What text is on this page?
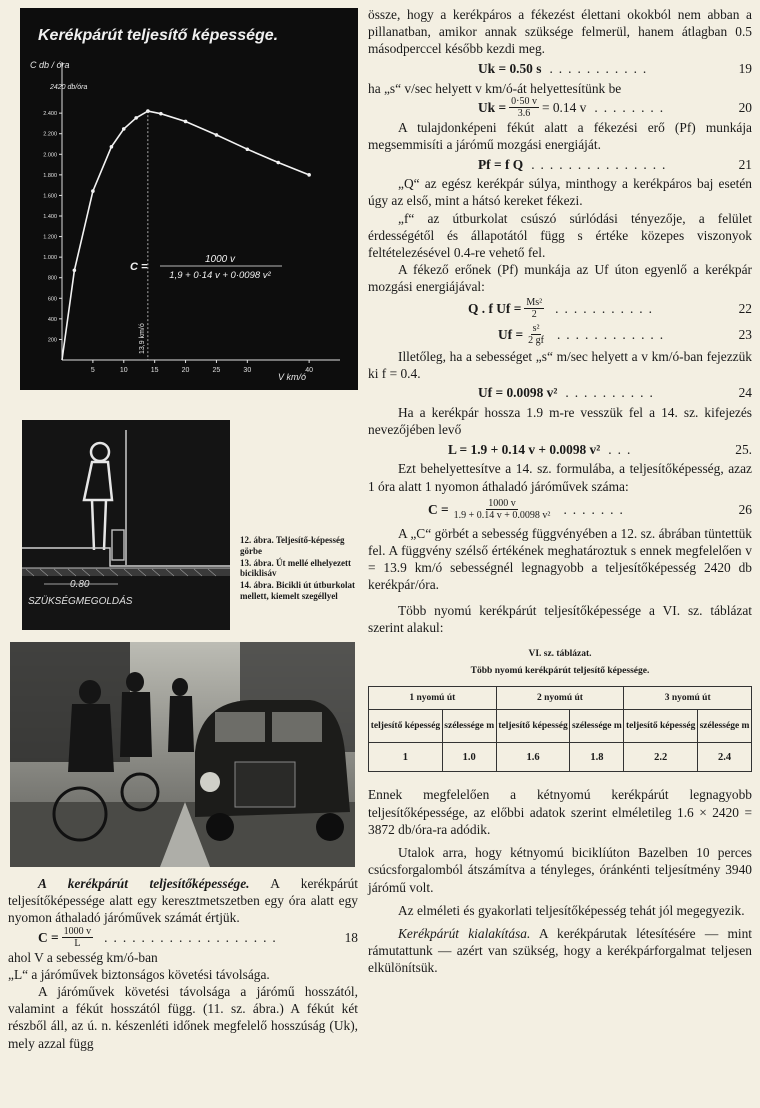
Kerékpárút teljesítő képessége.
C db / óra
V km/ó
2420 db/óra
5	10	15	20	25	30	40
2.400
2.200
2.000
1.800
1.600
1.400
1.200
1.000
800
600
400
200	13,9 km/ó
C =
1000 v
1,9 + 0·14 v + 0·0098 v²
0.80
SZÜKSÉGMEGOLDÁS
12. ábra. Teljesítő-képesség görbe
13. ábra. Út mellé elhelyezett biciklisáv
14. ábra. Bicikli út útburkolat mellett, kiemelt szegéllyel

A kerékpárút teljesítőképessége. A kerékpárút teljesítőképessége alatt egy keresztmetszetben egy óra alatt egy nyomon áthaladó járóművek számát értjük.

$C = \frac{1000 v}{L}$ ...................	18

ahol V a sebesség km/ó-ban

„L“ a járóművek biztonságos követési távolsága.

A járóművek követési távolsága a járómű hosszától, valamint a fékút hosszától függ. (11. sz. ábra.) A fékút két részből áll, az ú. n. készenléti időnek megfelelő hosszúság (Uk), mely azzal függ

össze, hogy a kerékpáros a fékezést élettani okokból nem abban a pillanatban, amikor annak szüksége felmerül, hanem átlagban 0.5 másodperccel később kezdi meg.

Uk = 0.50 s ...........	19

ha „s“ v/sec helyett v km/ó-át helyettesítünk be

$Uk = \frac{0\cdot 50 v}{3.6} = 0.14$ v ........	20

A tulajdonképeni fékút alatt a fékezési erő (Pf) munkája megsemmisíti a járómű mozgási energiáját.

Pf = f Q ...............	21

„Q“ az egész kerékpár súlya, minthogy a kerékpáros baj esetén úgy az első, mint a hátsó kereket fékezi.

„f“ az útburkolat csúszó súrlódási tényezője, a felület érdességétől és állapotától függ s értéke közepes viszonyok feltételezésével 0.4-re vehető fel.

A fékező erőnek (Pf) munkája az Uf úton egyenlő a kerékpár mozgási energiájával:

Q . f $Uf = \frac{\text{Ms²}}{2}$ ...........	22
$Uf = \frac{\text{s²}}{2 gf}$ ............	23

Illetőleg, ha a sebességet „s“ m/sec helyett a v km/ó-ban fejezzük ki f = 0.4.

Uf = 0.0098 v² ..........	24

Ha a kerékpár hossza 1.9 m-re vesszük fel a 14. sz. kifejezés nevezőjében levő

L = 1.9 + 0.14 v + 0.0098 v² ...	25.

Ezt behelyettesítve a 14. sz. formulába, a teljesítőképesség, azaz 1 óra alatt 1 nyomon áthaladó járóművek száma:

$C = \frac{1000 v}{\text{1.9 + 0.14 v + 0.0098 v²}}$ .......	26

A „C“ görbét a sebesség függvényében a 12. sz. ábrában tüntettük fel. A függvény szélső értékének meghatároztuk s ennek megfelelően v = 13.9 km/ó sebességnél legnagyobb a teljesítőképesség 2420 db kerékpár/óra.

Több nyomú kerékpárút teljesítőképessége a VI. sz. táblázat szerint alakul:

VI. sz. táblázat.
Több nyomú kerékpárút teljesítő képessége.
1 nyomú út		2 nyomú út		3 nyomú út	
teljesítő képesség	szélessége m	teljesítő képesség	szélessége m	teljesítő képesség	szélessége m
1	1.0	1.6	1.8	2.2	2.4

Ennek megfelelően a kétnyomú kerékpárút legnagyobb teljesítőképessége, az előbbi adatok szerint elméletileg 1.6 × 2420 = 3872 db/óra-ra adódik.

Utalok arra, hogy kétnyomú biciklíúton Bazelben 10 perces csúcsforgalomból átszámítva a tényleges, óránkénti teljesítmény 3940 járómű volt.

Az elméleti és gyakorlati teljesítőképesség tehát jól megegyezik.

Kerékpárút kialakítása. A kerékpárutak létesítésére — mint rámutattunk — azért van szükség, hogy a kerékpárforgalmat teljesen elkülönítsük.
